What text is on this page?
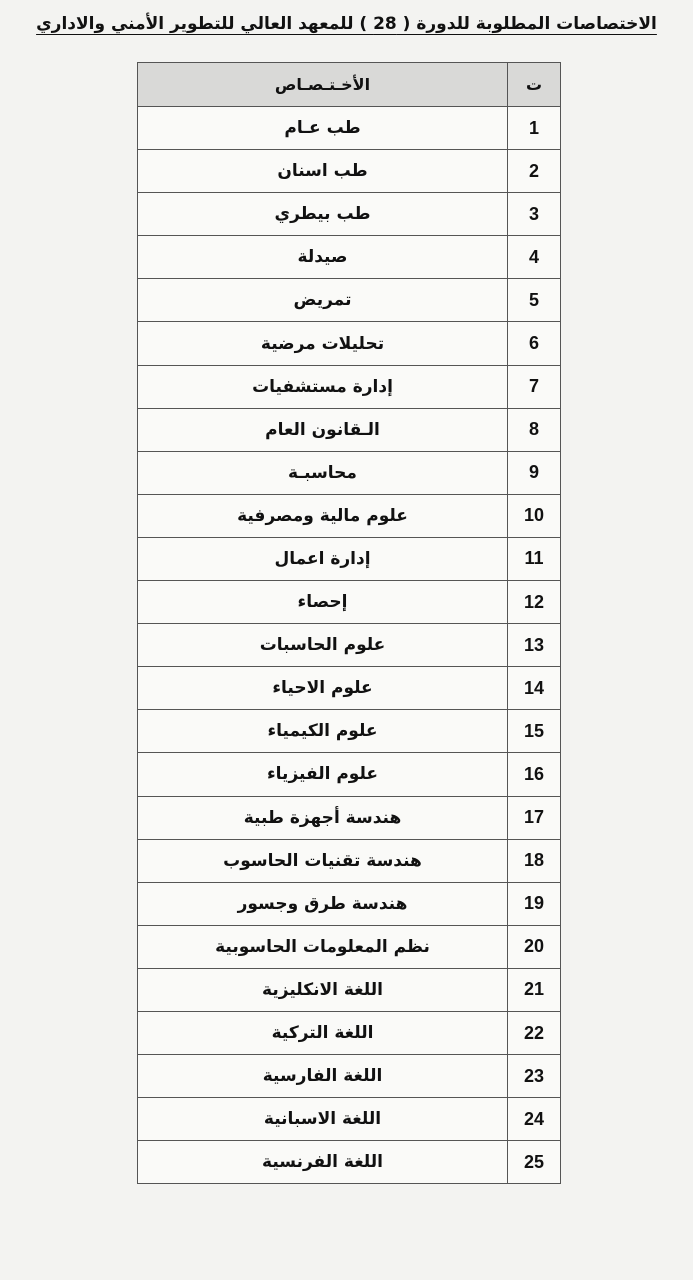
الاختصاصات المطلوبة للدورة ( 28 ) للمعهد العالي للتطوير الأمني والاداري
ت	الأخـتـصـاص
1	طب عـام
2	طب اسنان
3	طب بيطري
4	صيدلة
5	تمريض
6	تحليلات مرضية
7	إدارة مستشفيات
8	الـقانون العام
9	محاسبـة
10	علوم مالية ومصرفية
11	إدارة اعمال
12	إحصاء
13	علوم الحاسبات
14	علوم الاحياء
15	علوم الكيمياء
16	علوم الفيزياء
17	هندسة أجهزة طبية
18	هندسة تقنيات الحاسوب
19	هندسة طرق وجسور
20	نظم المعلومات الحاسوبية
21	اللغة الانكليزية
22	اللغة التركية
23	اللغة الفارسية
24	اللغة الاسبانية
25	اللغة الفرنسية
